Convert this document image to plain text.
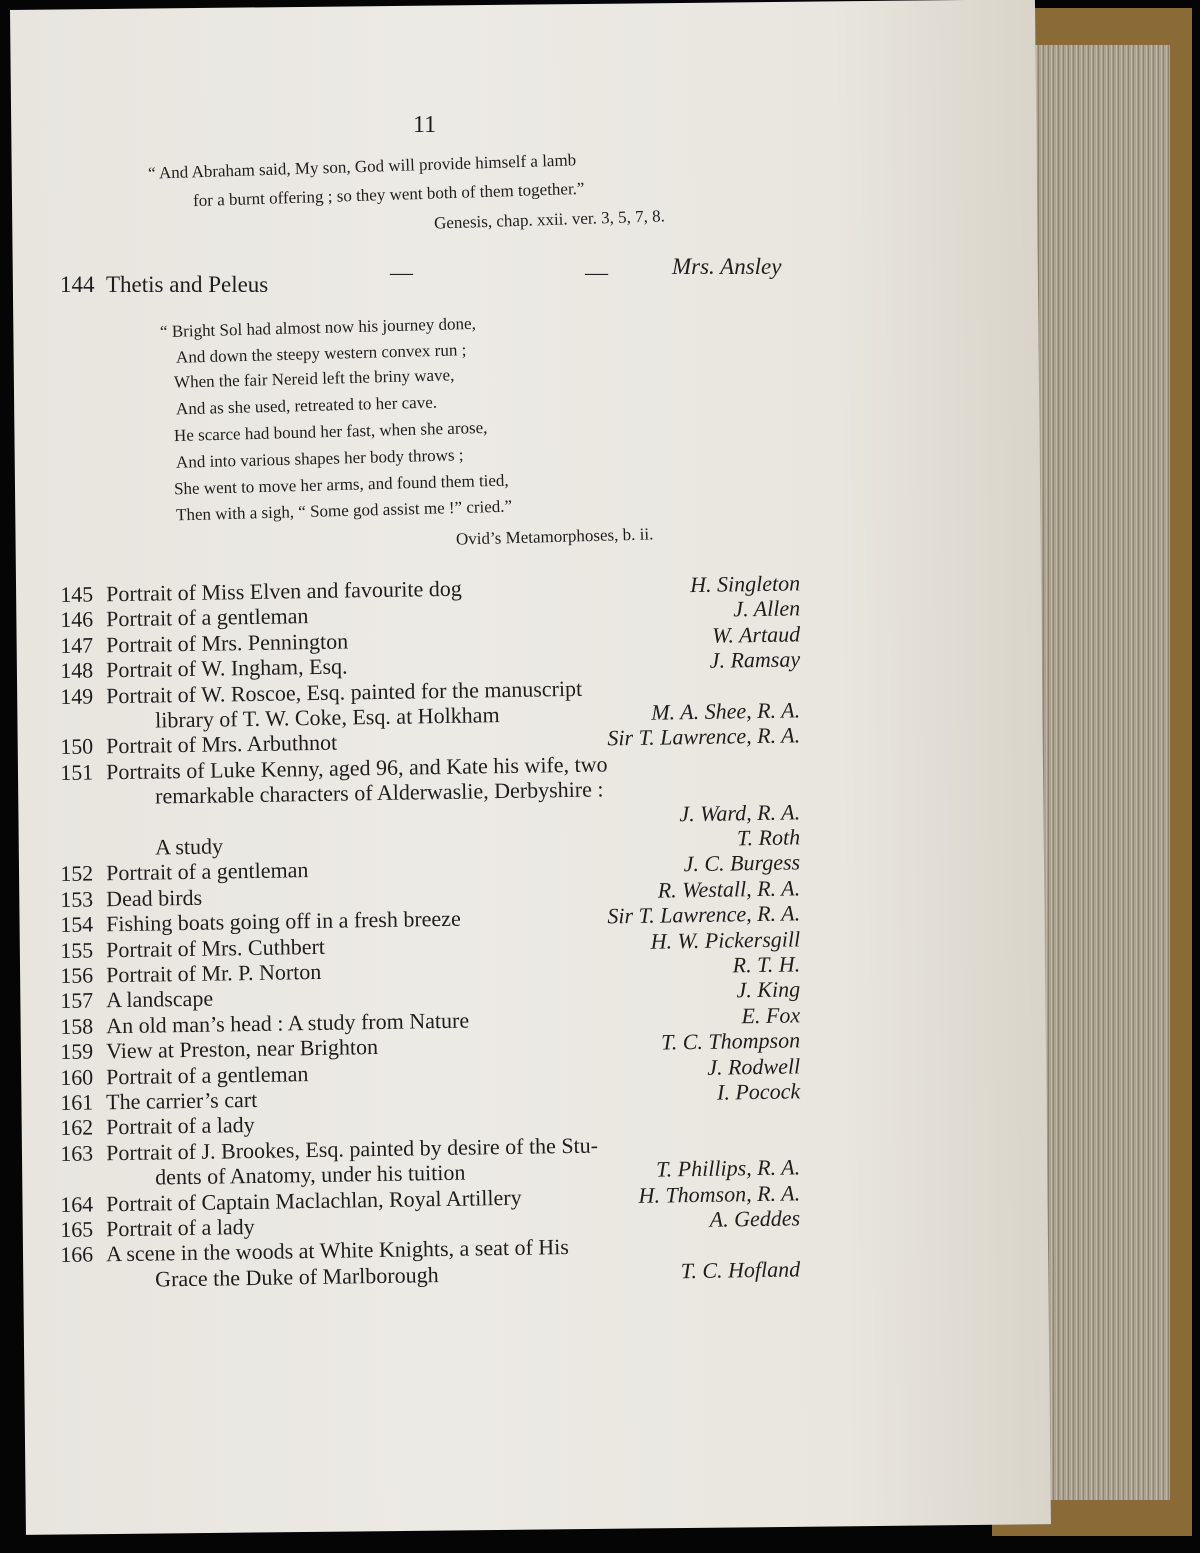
11
“ And Abraham said, My son, God will provide himself a lamb
for a burnt offering ; so they went both of them together.”
Genesis, chap. xxii. ver. 3, 5, 7, 8.
144 Thetis and Peleus	—	—	Mrs. Ansley
“ Bright Sol had almost now his journey done,
And down the steepy western convex run ;
When the fair Nereid left the briny wave,
And as she used, retreated to her cave.
He scarce had bound her fast, when she arose,
And into various shapes her body throws ;
She went to move her arms, and found them tied,
Then with a sigh, “ Some god assist me !” cried.”
Ovid’s Metamorphoses, b. ii.
145 Portrait of Miss Elven and favourite dog	H. Singleton
146 Portrait of a gentleman	J. Allen
147 Portrait of Mrs. Pennington	W. Artaud
148 Portrait of W. Ingham, Esq.	J. Ramsay
149 Portrait of W. Roscoe, Esq. painted for the manuscript
library of T. W. Coke, Esq. at Holkham	M. A. Shee, R. A.
150 Portrait of Mrs. Arbuthnot	Sir T. Lawrence, R. A.
151 Portraits of Luke Kenny, aged 96, and Kate his wife, two
remarkable characters of Alderwaslie, Derbyshire :
J. Ward, R. A.
A study	T. Roth
152 Portrait of a gentleman	J. C. Burgess
153 Dead birds	R. Westall, R. A.
154 Fishing boats going off in a fresh breeze	Sir T. Lawrence, R. A.
155 Portrait of Mrs. Cuthbert	H. W. Pickersgill
156 Portrait of Mr. P. Norton	R. T. H.
157 A landscape	J. King
158 An old man’s head : A study from Nature	E. Fox
159 View at Preston, near Brighton	T. C. Thompson
160 Portrait of a gentleman	J. Rodwell
161 The carrier’s cart	I. Pocock
162 Portrait of a lady
163 Portrait of J. Brookes, Esq. painted by desire of the Stu-
dents of Anatomy, under his tuition	T. Phillips, R. A.
164 Portrait of Captain Maclachlan, Royal Artillery	H. Thomson, R. A.
165 Portrait of a lady	A. Geddes
166 A scene in the woods at White Knights, a seat of His
Grace the Duke of Marlborough	T. C. Hofland
